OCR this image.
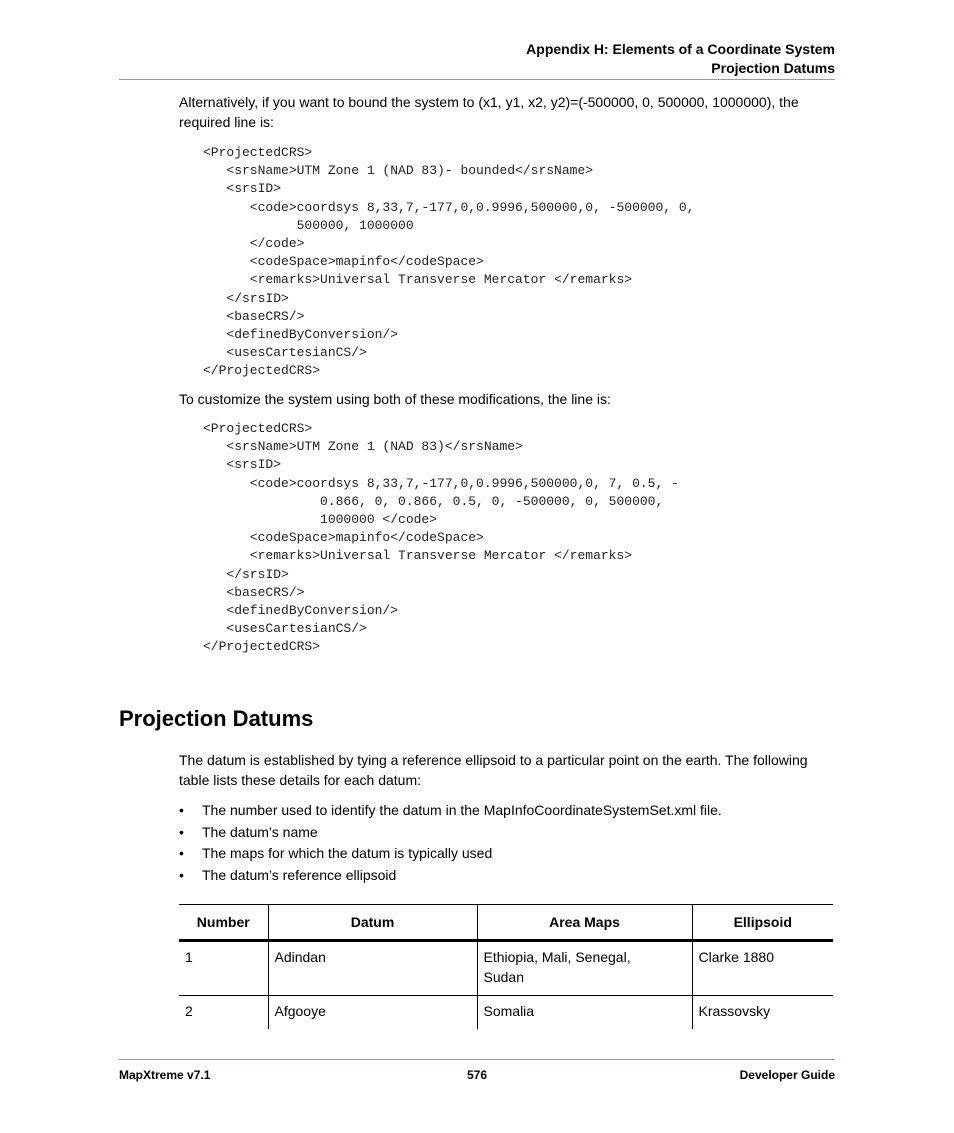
Appendix H: Elements of a Coordinate System
Projection Datums
Alternatively, if you want to bound the system to (x1, y1, x2, y2)=(-500000, 0, 500000, 1000000), the required line is:
<ProjectedCRS>
<srsName>UTM Zone 1 (NAD 83)- bounded</srsName>
<srsID>
<code>coordsys 8,33,7,-177,0,0.9996,500000,0, -500000, 0,
500000, 1000000
</code>
<codeSpace>mapinfo</codeSpace>
<remarks>Universal Transverse Mercator </remarks>
</srsID>
<baseCRS/>
<definedByConversion/>
<usesCartesianCS/>
</ProjectedCRS>
To customize the system using both of these modifications, the line is:
<ProjectedCRS>
<srsName>UTM Zone 1 (NAD 83)</srsName>
<srsID>
<code>coordsys 8,33,7,-177,0,0.9996,500000,0, 7, 0.5, -
0.866, 0, 0.866, 0.5, 0, -500000, 0, 500000,
1000000 </code>
<codeSpace>mapinfo</codeSpace>
<remarks>Universal Transverse Mercator </remarks>
</srsID>
<baseCRS/>
<definedByConversion/>
<usesCartesianCS/>
</ProjectedCRS>
Projection Datums
The datum is established by tying a reference ellipsoid to a particular point on the earth. The following table lists these details for each datum:
• The number used to identify the datum in the MapInfoCoordinateSystemSet.xml file.
• The datum’s name
• The maps for which the datum is typically used
• The datum’s reference ellipsoid
Number	Datum	Area Maps	Ellipsoid
1	Adindan	Ethiopia, Mali, Senegal, Sudan	Clarke 1880
2	Afgooye	Somalia	Krassovsky
MapXtreme v7.1	576	Developer Guide
